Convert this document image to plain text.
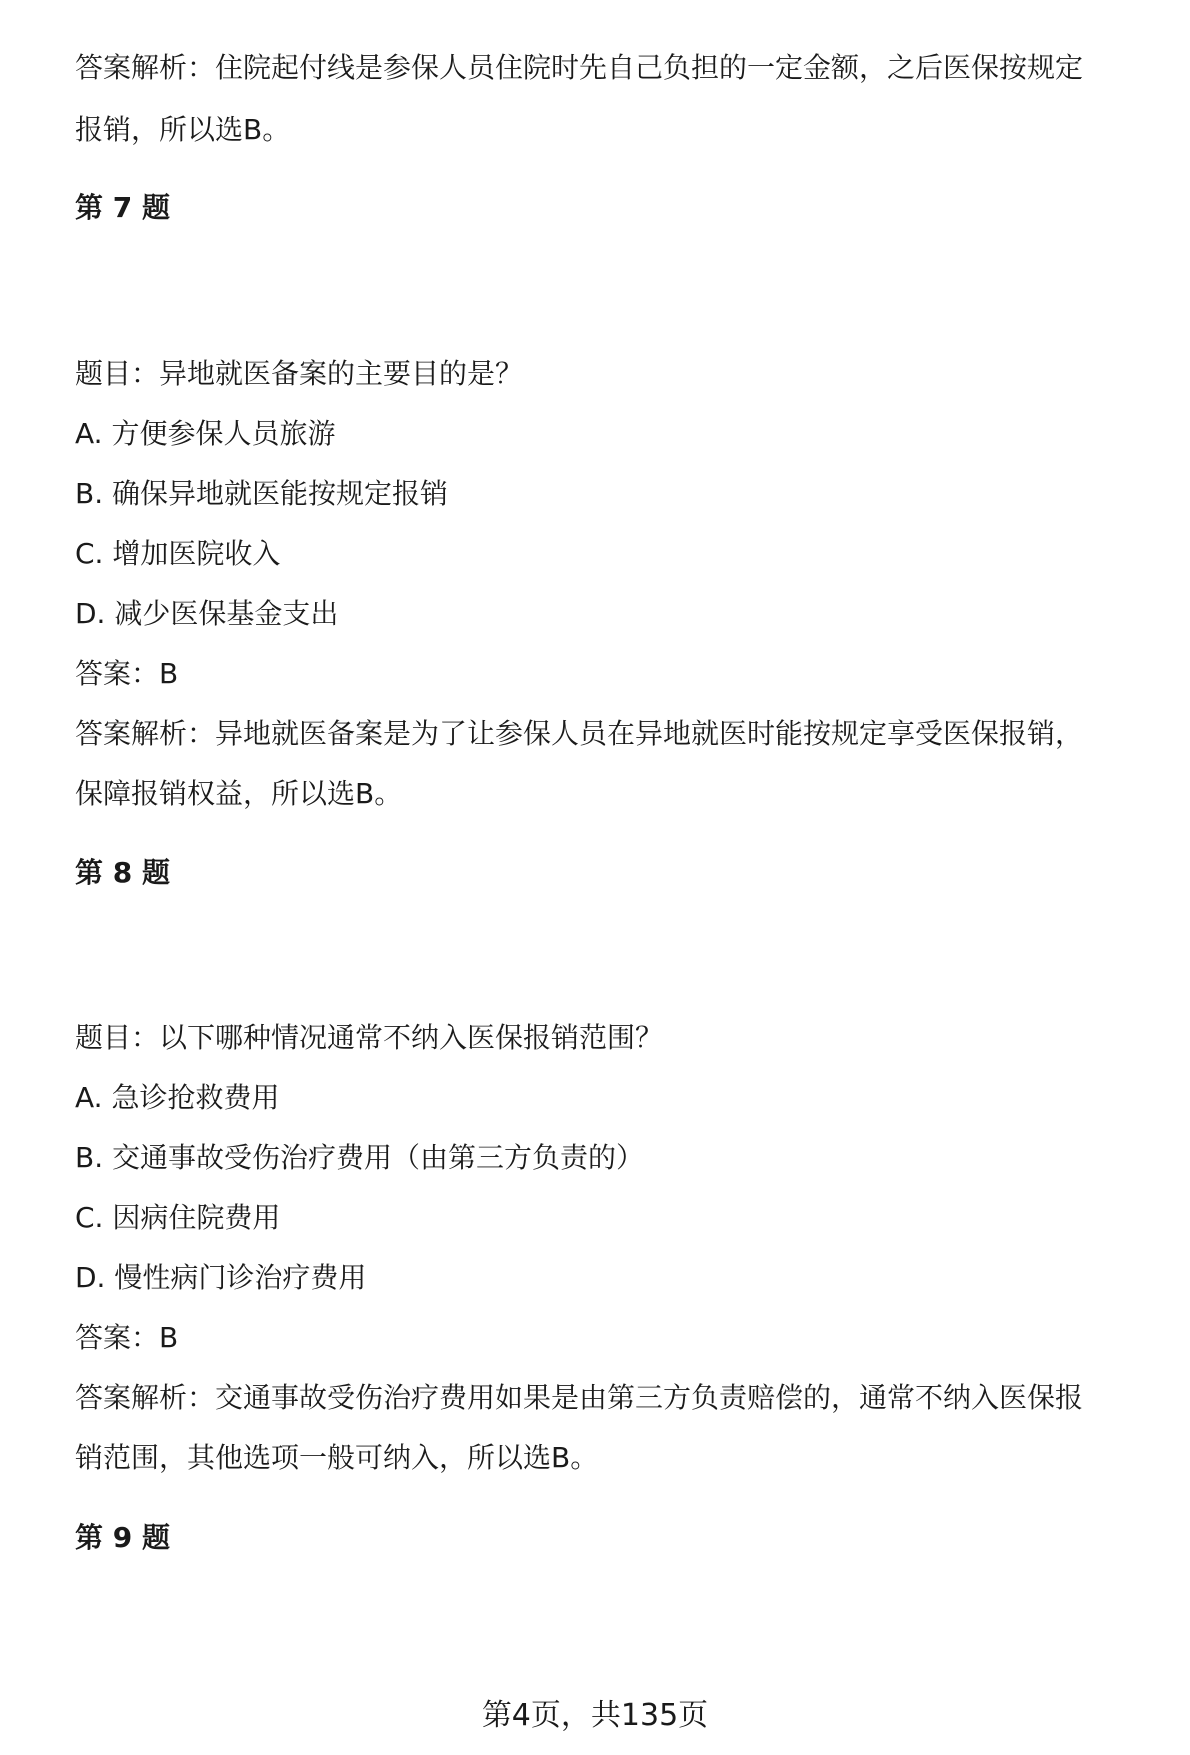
答案解析：住院起付线是参保人员住院时先自己负担的一定金额，之后医保按规定
报销，所以选B。
第 7 题
题目：异地就医备案的主要目的是？
A. 方便参保人员旅游
B. 确保异地就医能按规定报销
C. 增加医院收入
D. 减少医保基金支出
答案：B
答案解析：异地就医备案是为了让参保人员在异地就医时能按规定享受医保报销，
保障报销权益，所以选B。
第 8 题
题目：以下哪种情况通常不纳入医保报销范围？
A. 急诊抢救费用
B. 交通事故受伤治疗费用（由第三方负责的）
C. 因病住院费用
D. 慢性病门诊治疗费用
答案：B
答案解析：交通事故受伤治疗费用如果是由第三方负责赔偿的，通常不纳入医保报
销范围，其他选项一般可纳入，所以选B。
第 9 题
第4页，共135页
